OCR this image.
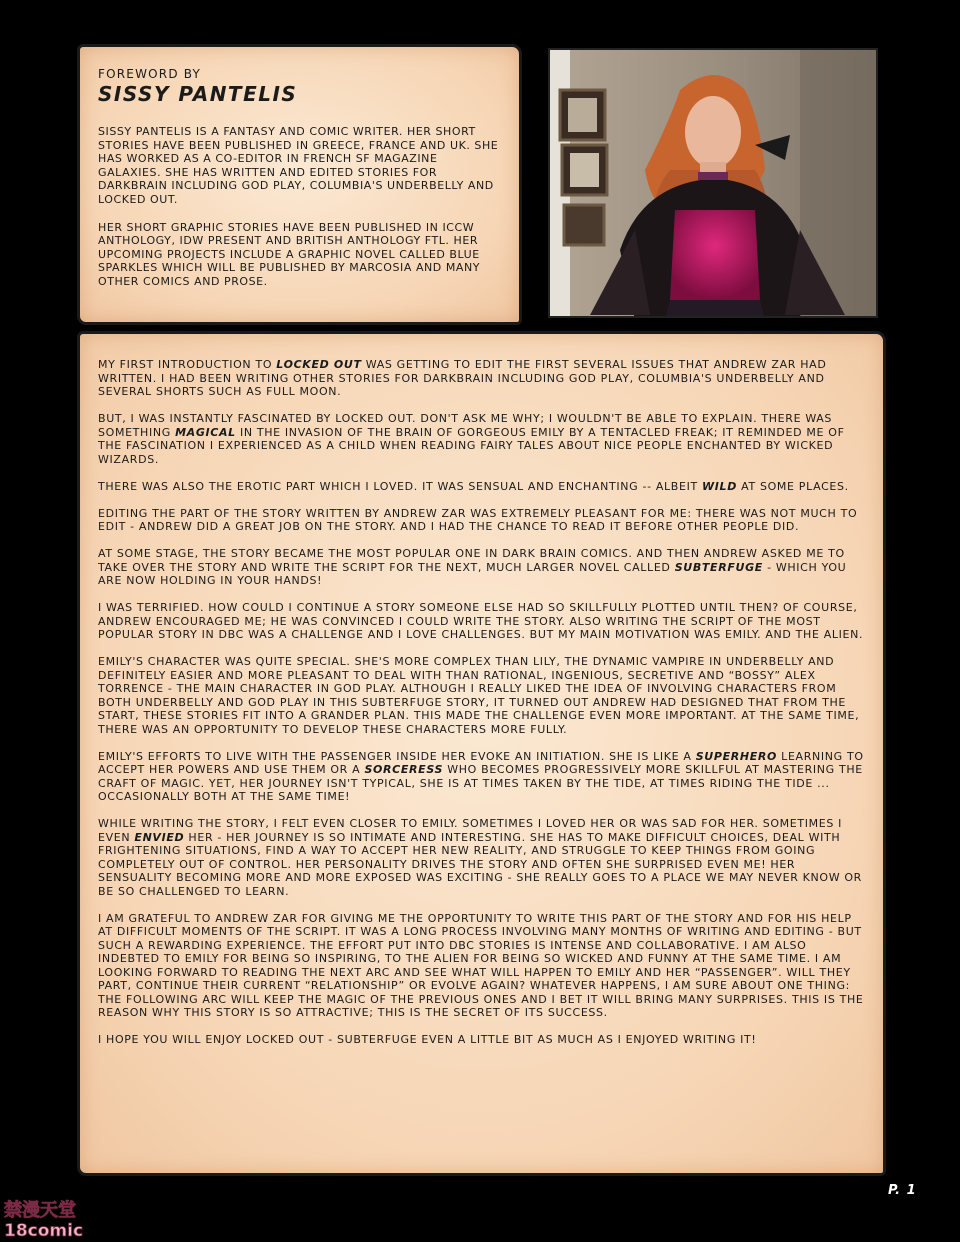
FOREWORD BY
SISSY PANTELIS

SISSY PANTELIS IS A FANTASY AND COMIC WRITER. HER SHORT STORIES HAVE BEEN PUBLISHED IN GREECE, FRANCE AND UK. SHE HAS WORKED AS A CO-EDITOR IN FRENCH SF MAGAZINE GALAXIES. SHE HAS WRITTEN AND EDITED STORIES FOR DARKBRAIN INCLUDING GOD PLAY, COLUMBIA'S UNDERBELLY AND LOCKED OUT.

HER SHORT GRAPHIC STORIES HAVE BEEN PUBLISHED IN ICCW ANTHOLOGY, IDW PRESENT AND BRITISH ANTHOLOGY FTL. HER UPCOMING PROJECTS INCLUDE A GRAPHIC NOVEL CALLED BLUE SPARKLES WHICH WILL BE PUBLISHED BY MARCOSIA AND MANY OTHER COMICS AND PROSE.

MY FIRST INTRODUCTION TO LOCKED OUT WAS GETTING TO EDIT THE FIRST SEVERAL ISSUES THAT ANDREW ZAR HAD WRITTEN. I HAD BEEN WRITING OTHER STORIES FOR DARKBRAIN INCLUDING GOD PLAY, COLUMBIA'S UNDERBELLY AND SEVERAL SHORTS SUCH AS FULL MOON.

BUT, I WAS INSTANTLY FASCINATED BY LOCKED OUT. DON'T ASK ME WHY; I WOULDN'T BE ABLE TO EXPLAIN. THERE WAS SOMETHING MAGICAL IN THE INVASION OF THE BRAIN OF GORGEOUS EMILY BY A TENTACLED FREAK; IT REMINDED ME OF THE FASCINATION I EXPERIENCED AS A CHILD WHEN READING FAIRY TALES ABOUT NICE PEOPLE ENCHANTED BY WICKED WIZARDS.

THERE WAS ALSO THE EROTIC PART WHICH I LOVED. IT WAS SENSUAL AND ENCHANTING -- ALBEIT WILD AT SOME PLACES.

EDITING THE PART OF THE STORY WRITTEN BY ANDREW ZAR WAS EXTREMELY PLEASANT FOR ME: THERE WAS NOT MUCH TO EDIT - ANDREW DID A GREAT JOB ON THE STORY. AND I HAD THE CHANCE TO READ IT BEFORE OTHER PEOPLE DID.

AT SOME STAGE, THE STORY BECAME THE MOST POPULAR ONE IN DARK BRAIN COMICS. AND THEN ANDREW ASKED ME TO TAKE OVER THE STORY AND WRITE THE SCRIPT FOR THE NEXT, MUCH LARGER NOVEL CALLED SUBTERFUGE - WHICH YOU ARE NOW HOLDING IN YOUR HANDS!

I WAS TERRIFIED. HOW COULD I CONTINUE A STORY SOMEONE ELSE HAD SO SKILLFULLY PLOTTED UNTIL THEN? OF COURSE, ANDREW ENCOURAGED ME; HE WAS CONVINCED I COULD WRITE THE STORY. ALSO WRITING THE SCRIPT OF THE MOST POPULAR STORY IN DBC WAS A CHALLENGE AND I LOVE CHALLENGES. BUT MY MAIN MOTIVATION WAS EMILY. AND THE ALIEN.

EMILY'S CHARACTER WAS QUITE SPECIAL. SHE'S MORE COMPLEX THAN LILY, THE DYNAMIC VAMPIRE IN UNDERBELLY AND DEFINITELY EASIER AND MORE PLEASANT TO DEAL WITH THAN RATIONAL, INGENIOUS, SECRETIVE AND “BOSSY” ALEX TORRENCE - THE MAIN CHARACTER IN GOD PLAY. ALTHOUGH I REALLY LIKED THE IDEA OF INVOLVING CHARACTERS FROM BOTH UNDERBELLY AND GOD PLAY IN THIS SUBTERFUGE STORY, IT TURNED OUT ANDREW HAD DESIGNED THAT FROM THE START, THESE STORIES FIT INTO A GRANDER PLAN. THIS MADE THE CHALLENGE EVEN MORE IMPORTANT. AT THE SAME TIME, THERE WAS AN OPPORTUNITY TO DEVELOP THESE CHARACTERS MORE FULLY.

EMILY'S EFFORTS TO LIVE WITH THE PASSENGER INSIDE HER EVOKE AN INITIATION. SHE IS LIKE A SUPERHERO LEARNING TO ACCEPT HER POWERS AND USE THEM OR A SORCERESS WHO BECOMES PROGRESSIVELY MORE SKILLFUL AT MASTERING THE CRAFT OF MAGIC. YET, HER JOURNEY ISN'T TYPICAL, SHE IS AT TIMES TAKEN BY THE TIDE, AT TIMES RIDING THE TIDE ... OCCASIONALLY BOTH AT THE SAME TIME!

WHILE WRITING THE STORY, I FELT EVEN CLOSER TO EMILY. SOMETIMES I LOVED HER OR WAS SAD FOR HER. SOMETIMES I EVEN ENVIED HER - HER JOURNEY IS SO INTIMATE AND INTERESTING. SHE HAS TO MAKE DIFFICULT CHOICES, DEAL WITH FRIGHTENING SITUATIONS, FIND A WAY TO ACCEPT HER NEW REALITY, AND STRUGGLE TO KEEP THINGS FROM GOING COMPLETELY OUT OF CONTROL. HER PERSONALITY DRIVES THE STORY AND OFTEN SHE SURPRISED EVEN ME! HER SENSUALITY BECOMING MORE AND MORE EXPOSED WAS EXCITING - SHE REALLY GOES TO A PLACE WE MAY NEVER KNOW OR BE SO CHALLENGED TO LEARN.

I AM GRATEFUL TO ANDREW ZAR FOR GIVING ME THE OPPORTUNITY TO WRITE THIS PART OF THE STORY AND FOR HIS HELP AT DIFFICULT MOMENTS OF THE SCRIPT. IT WAS A LONG PROCESS INVOLVING MANY MONTHS OF WRITING AND EDITING - BUT SUCH A REWARDING EXPERIENCE. THE EFFORT PUT INTO DBC STORIES IS INTENSE AND COLLABORATIVE. I AM ALSO INDEBTED TO EMILY FOR BEING SO INSPIRING, TO THE ALIEN FOR BEING SO WICKED AND FUNNY AT THE SAME TIME. I AM LOOKING FORWARD TO READING THE NEXT ARC AND SEE WHAT WILL HAPPEN TO EMILY AND HER “PASSENGER”. WILL THEY PART, CONTINUE THEIR CURRENT “RELATIONSHIP” OR EVOLVE AGAIN? WHATEVER HAPPENS, I AM SURE ABOUT ONE THING: THE FOLLOWING ARC WILL KEEP THE MAGIC OF THE PREVIOUS ONES AND I BET IT WILL BRING MANY SURPRISES. THIS IS THE REASON WHY THIS STORY IS SO ATTRACTIVE; THIS IS THE SECRET OF ITS SUCCESS.

I HOPE YOU WILL ENJOY LOCKED OUT - SUBTERFUGE EVEN A LITTLE BIT AS MUCH AS I ENJOYED WRITING IT!

P. 1
禁漫天堂
18comic
